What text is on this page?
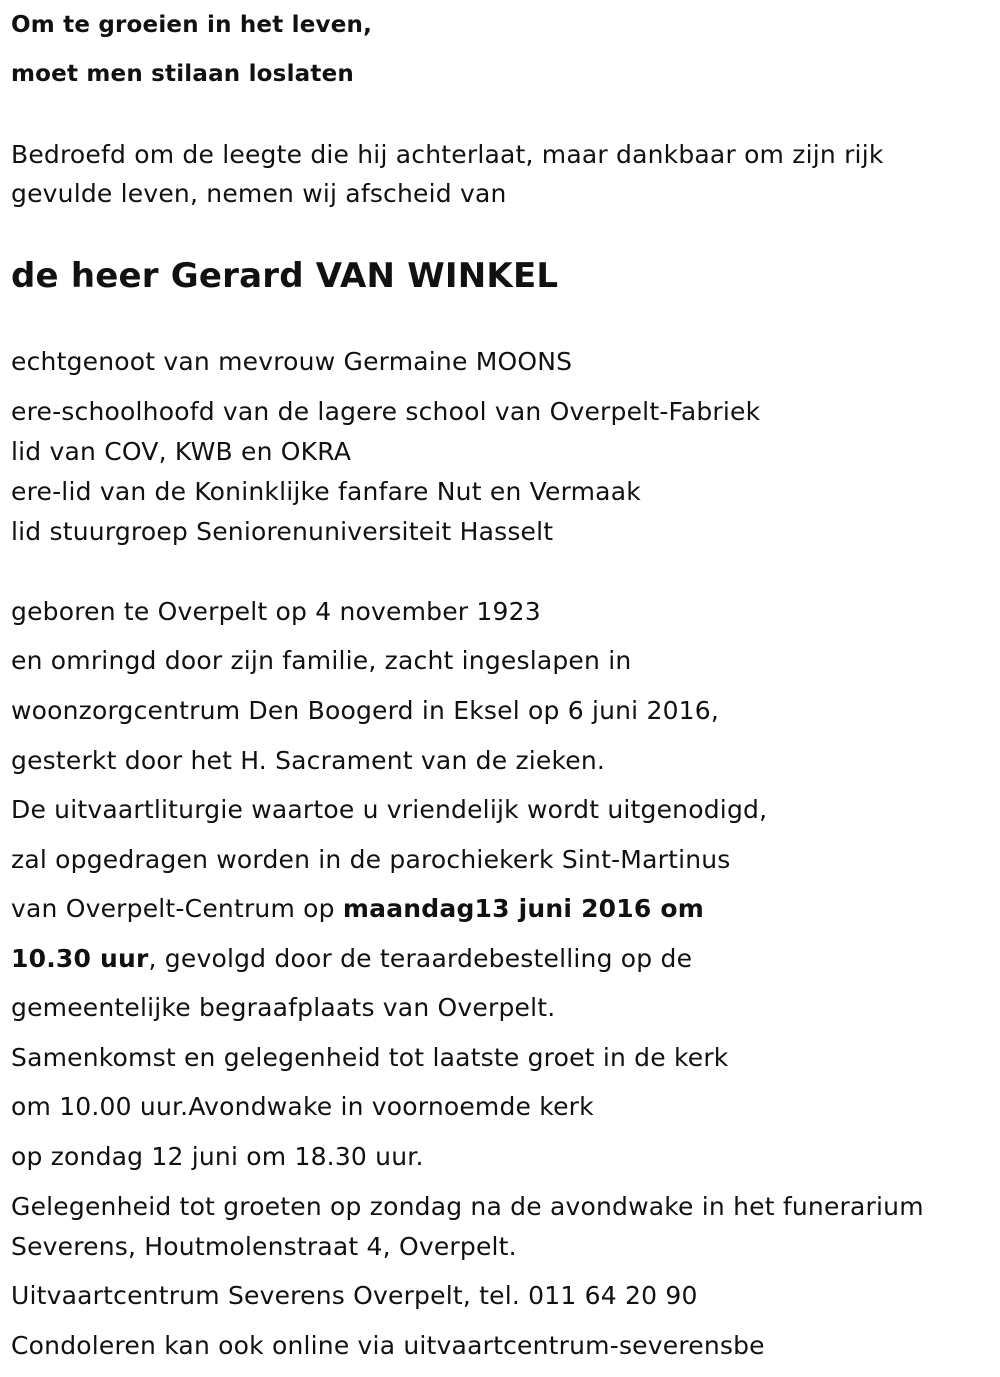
Om te groeien in het leven,

moet men stilaan loslaten

Bedroefd om de leegte die hij achterlaat, maar dankbaar om zijn rijk

gevulde leven, nemen wij afscheid van

de heer Gerard VAN WINKEL

echtgenoot van mevrouw Germaine MOONS

ere-schoolhoofd van de lagere school van Overpelt-Fabriek

lid van COV, KWB en OKRA

ere-lid van de Koninklijke fanfare Nut en Vermaak

lid stuurgroep Seniorenuniversiteit Hasselt

geboren te Overpelt op 4 november 1923

en omringd door zijn familie, zacht ingeslapen in

woonzorgcentrum Den Boogerd in Eksel op 6 juni 2016,

gesterkt door het H. Sacrament van de zieken.

De uitvaartliturgie waartoe u vriendelijk wordt uitgenodigd,

zal opgedragen worden in de parochiekerk Sint-Martinus

van Overpelt-Centrum op maandag13 juni 2016 om

10.30 uur, gevolgd door de teraardebestelling op de

gemeentelijke begraafplaats van Overpelt.

Samenkomst en gelegenheid tot laatste groet in de kerk

om 10.00 uur.Avondwake in voornoemde kerk

op zondag 12 juni om 18.30 uur.

Gelegenheid tot groeten op zondag na de avondwake in het funerarium

Severens, Houtmolenstraat 4, Overpelt.

Uitvaartcentrum Severens Overpelt, tel. 011 64 20 90

Condoleren kan ook online via uitvaartcentrum-severensbe
